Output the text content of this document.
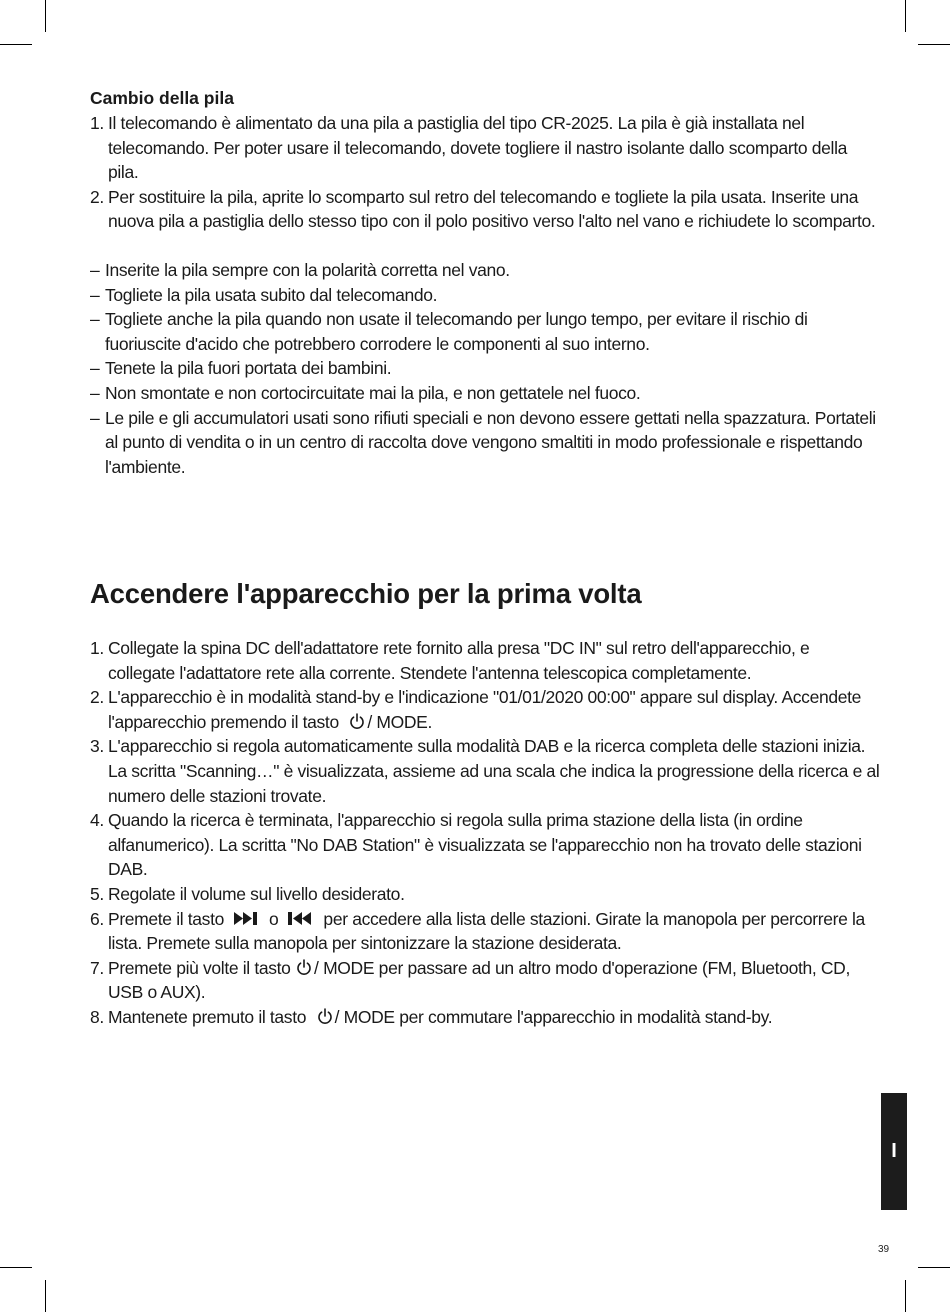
Cambio della pila

1. Il telecomando è alimentato da una pila a pastiglia del tipo CR-2025. La pila è già installata nel telecomando. Per poter usare il telecomando, dovete togliere il nastro isolante dallo scomparto della pila.
2. Per sostituire la pila, aprite lo scomparto sul retro del telecomando e togliete la pila usata. Inserite una nuova pila a pastiglia dello stesso tipo con il polo positivo verso l'alto nel vano e richiudete lo scomparto.
– Inserite la pila sempre con la polarità corretta nel vano.
– Togliete la pila usata subito dal telecomando.
– Togliete anche la pila quando non usate il telecomando per lungo tempo, per evitare il rischio di fuoriuscite d'acido che potrebbero corrodere le componenti al suo interno.
– Tenete la pila fuori portata dei bambini.
– Non smontate e non cortocircuitate mai la pila, e non gettatele nel fuoco.
– Le pile e gli accumulatori usati sono rifiuti speciali e non devono essere gettati nella spazzatura. Portateli al punto di vendita o in un centro di raccolta dove vengono smaltiti in modo professionale e rispettando l'ambiente.
Accendere l'apparecchio per la prima volta
1. Collegate la spina DC dell'adattatore rete fornito alla presa "DC IN" sul retro dell'apparecchio, e collegate l'adattatore rete alla corrente. Stendete l'antenna telescopica completamente.
2. L'apparecchio è in modalità stand-by e l'indicazione "01/01/2020 00:00" appare sul display. Accendete l'apparecchio premendo il tasto / MODE.
3. L'apparecchio si regola automaticamente sulla modalità DAB e la ricerca completa delle stazioni inizia. La scritta "Scanning…" è visualizzata, assieme ad una scala che indica la progressione della ricerca e al numero delle stazioni trovate.
4. Quando la ricerca è terminata, l'apparecchio si regola sulla prima stazione della lista (in ordine alfanumerico). La scritta "No DAB Station" è visualizzata se l'apparecchio non ha trovato delle stazioni DAB.
5. Regolate il volume sul livello desiderato.
6. Premete il tasto  o  per accedere alla lista delle stazioni. Girate la manopola per percorrere la lista. Premete sulla manopola per sintonizzare la stazione desiderata.
7. Premete più volte il tasto / MODE per passare ad un altro modo d'operazione (FM, Bluetooth, CD, USB o AUX).
8. Mantenete premuto il tasto / MODE per commutare l'apparecchio in modalità stand-by.
I
39
